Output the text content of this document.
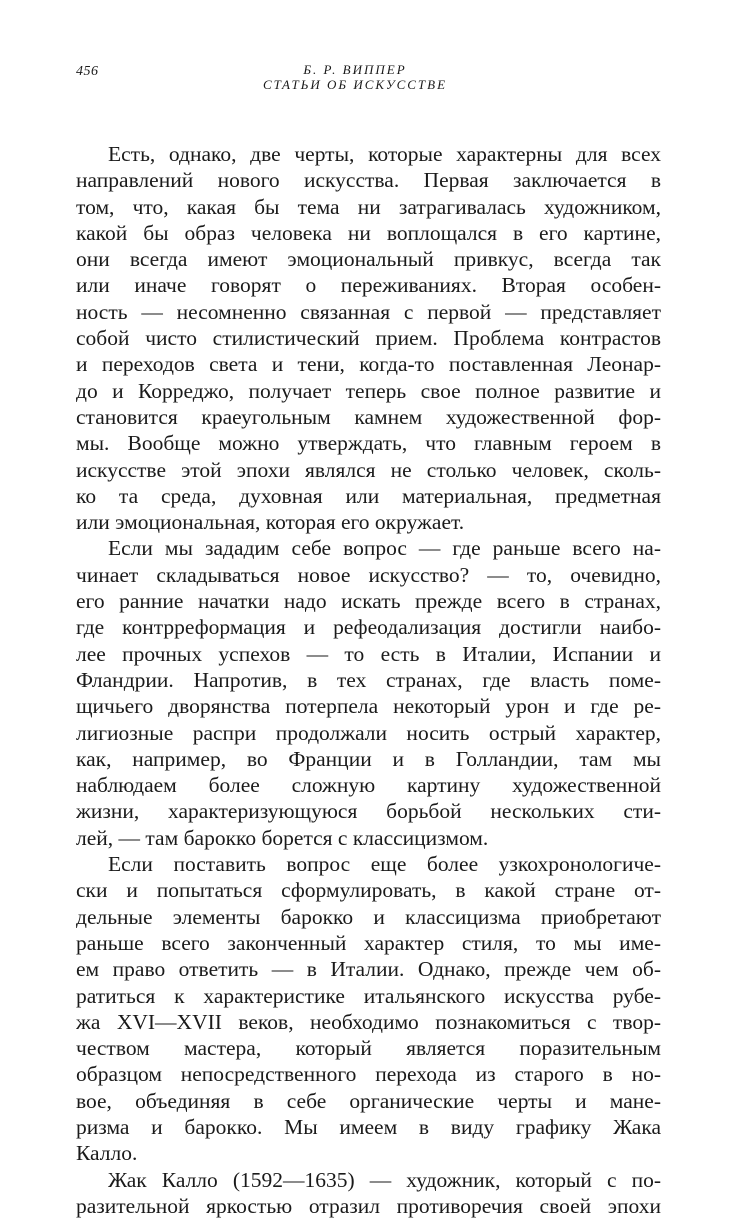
456	Б. Р. ВИППЕР
СТАТЬИ ОБ ИСКУССТВЕ
Есть, однако, две черты, которые характерны для всех
направлений нового искусства. Первая заключается в
том, что, какая бы тема ни затрагивалась художником,
какой бы образ человека ни воплощался в его картине,
они всегда имеют эмоциональный привкус, всегда так
или иначе говорят о переживаниях. Вторая особен-
ность — несомненно связанная с первой — представляет
собой чисто стилистический прием. Проблема контрастов
и переходов света и тени, когда-то поставленная Леонар-
до и Корреджо, получает теперь свое полное развитие и
становится краеугольным камнем художественной фор-
мы. Вообще можно утверждать, что главным героем в
искусстве этой эпохи являлся не столько человек, сколь-
ко та среда, духовная или материальная, предметная
или эмоциональная, которая его окружает.
Если мы зададим себе вопрос — где раньше всего на-
чинает складываться новое искусство? — то, очевидно,
его ранние начатки надо искать прежде всего в странах,
где контрреформация и рефеодализация достигли наибо-
лее прочных успехов — то есть в Италии, Испании и
Фландрии. Напротив, в тех странах, где власть поме-
щичьего дворянства потерпела некоторый урон и где ре-
лигиозные распри продолжали носить острый характер,
как, например, во Франции и в Голландии, там мы
наблюдаем более сложную картину художественной
жизни, характеризующуюся борьбой нескольких сти-
лей, — там барокко борется с классицизмом.
Если поставить вопрос еще более узкохронологиче-
ски и попытаться сформулировать, в какой стране от-
дельные элементы барокко и классицизма приобретают
раньше всего законченный характер стиля, то мы име-
ем право ответить — в Италии. Однако, прежде чем об-
ратиться к характеристике итальянского искусства рубе-
жа XVI—XVII веков, необходимо познакомиться с твор-
чеством мастера, который является поразительным
образцом непосредственного перехода из старого в но-
вое, объединяя в себе органические черты и мане-
ризма и барокко. Мы имеем в виду графику Жака
Калло.
Жак Калло (1592—1635) — художник, который с по-
разительной яркостью отразил противоречия своей эпохи
